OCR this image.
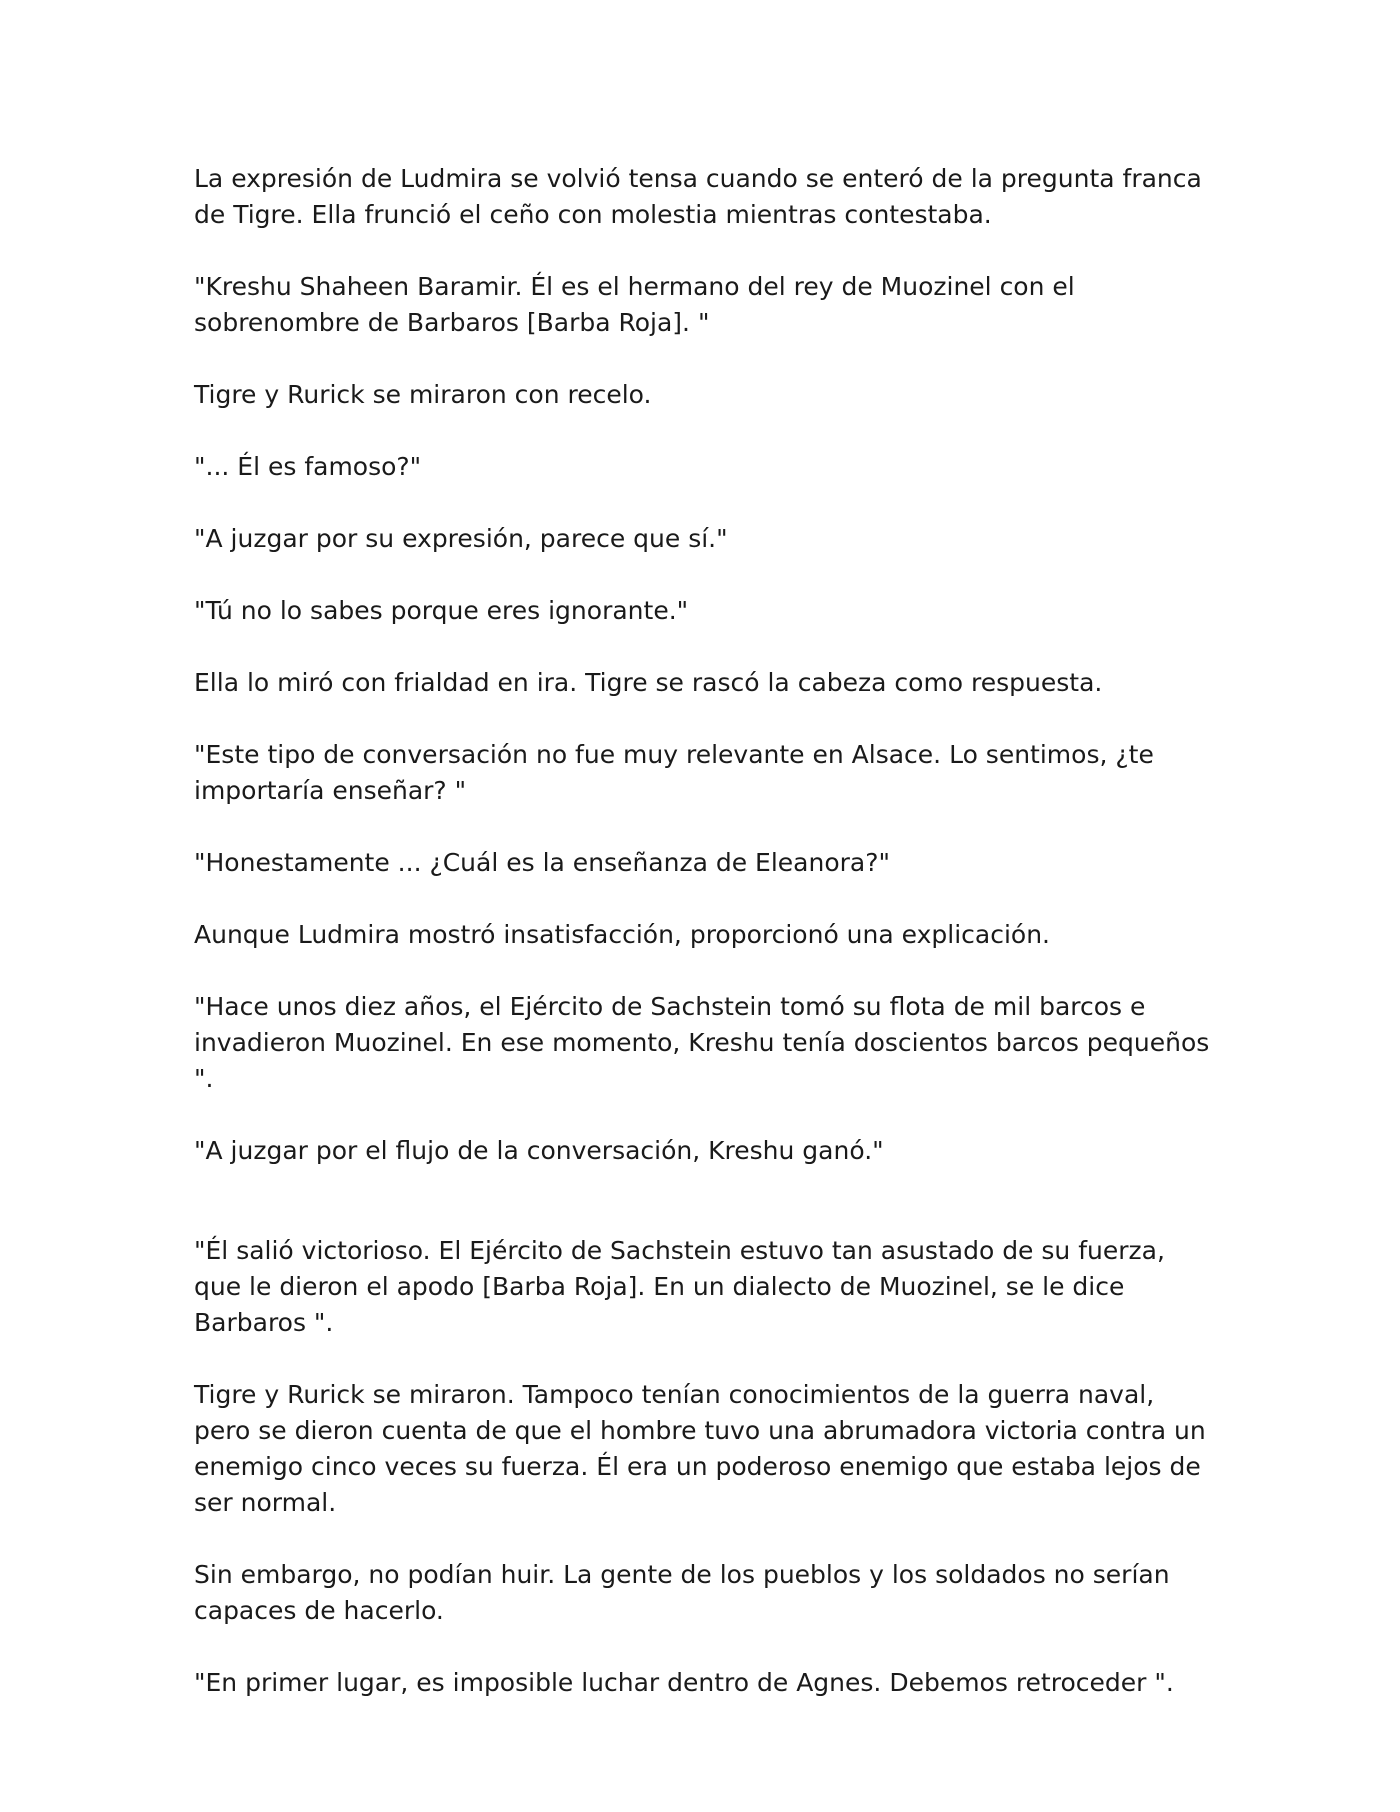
La expresión de Ludmira se volvió tensa cuando se enteró de la pregunta franca de Tigre. Ella frunció el ceño con molestia mientras contestaba.

"Kreshu Shaheen Baramir. Él es el hermano del rey de Muozinel con el sobrenombre de Barbaros [Barba Roja]. "

Tigre y Rurick se miraron con recelo.

"... Él es famoso?"

"A juzgar por su expresión, parece que sí."

"Tú no lo sabes porque eres ignorante."

Ella lo miró con frialdad en ira. Tigre se rascó la cabeza como respuesta.

"Este tipo de conversación no fue muy relevante en Alsace. Lo sentimos, ¿te importaría enseñar? "

"Honestamente ... ¿Cuál es la enseñanza de Eleanora?"

Aunque Ludmira mostró insatisfacción, proporcionó una explicación.

"Hace unos diez años, el Ejército de Sachstein tomó su flota de mil barcos e invadieron Muozinel. En ese momento, Kreshu tenía doscientos barcos pequeños ".

"A juzgar por el flujo de la conversación, Kreshu ganó."

"Él salió victorioso. El Ejército de Sachstein estuvo tan asustado de su fuerza, que le dieron el apodo [Barba Roja]. En un dialecto de Muozinel, se le dice Barbaros ".

Tigre y Rurick se miraron. Tampoco tenían conocimientos de la guerra naval, pero se dieron cuenta de que el hombre tuvo una abrumadora victoria contra un enemigo cinco veces su fuerza. Él era un poderoso enemigo que estaba lejos de ser normal.

Sin embargo, no podían huir. La gente de los pueblos y los soldados no serían capaces de hacerlo.

"En primer lugar, es imposible luchar dentro de Agnes. Debemos retroceder ".
